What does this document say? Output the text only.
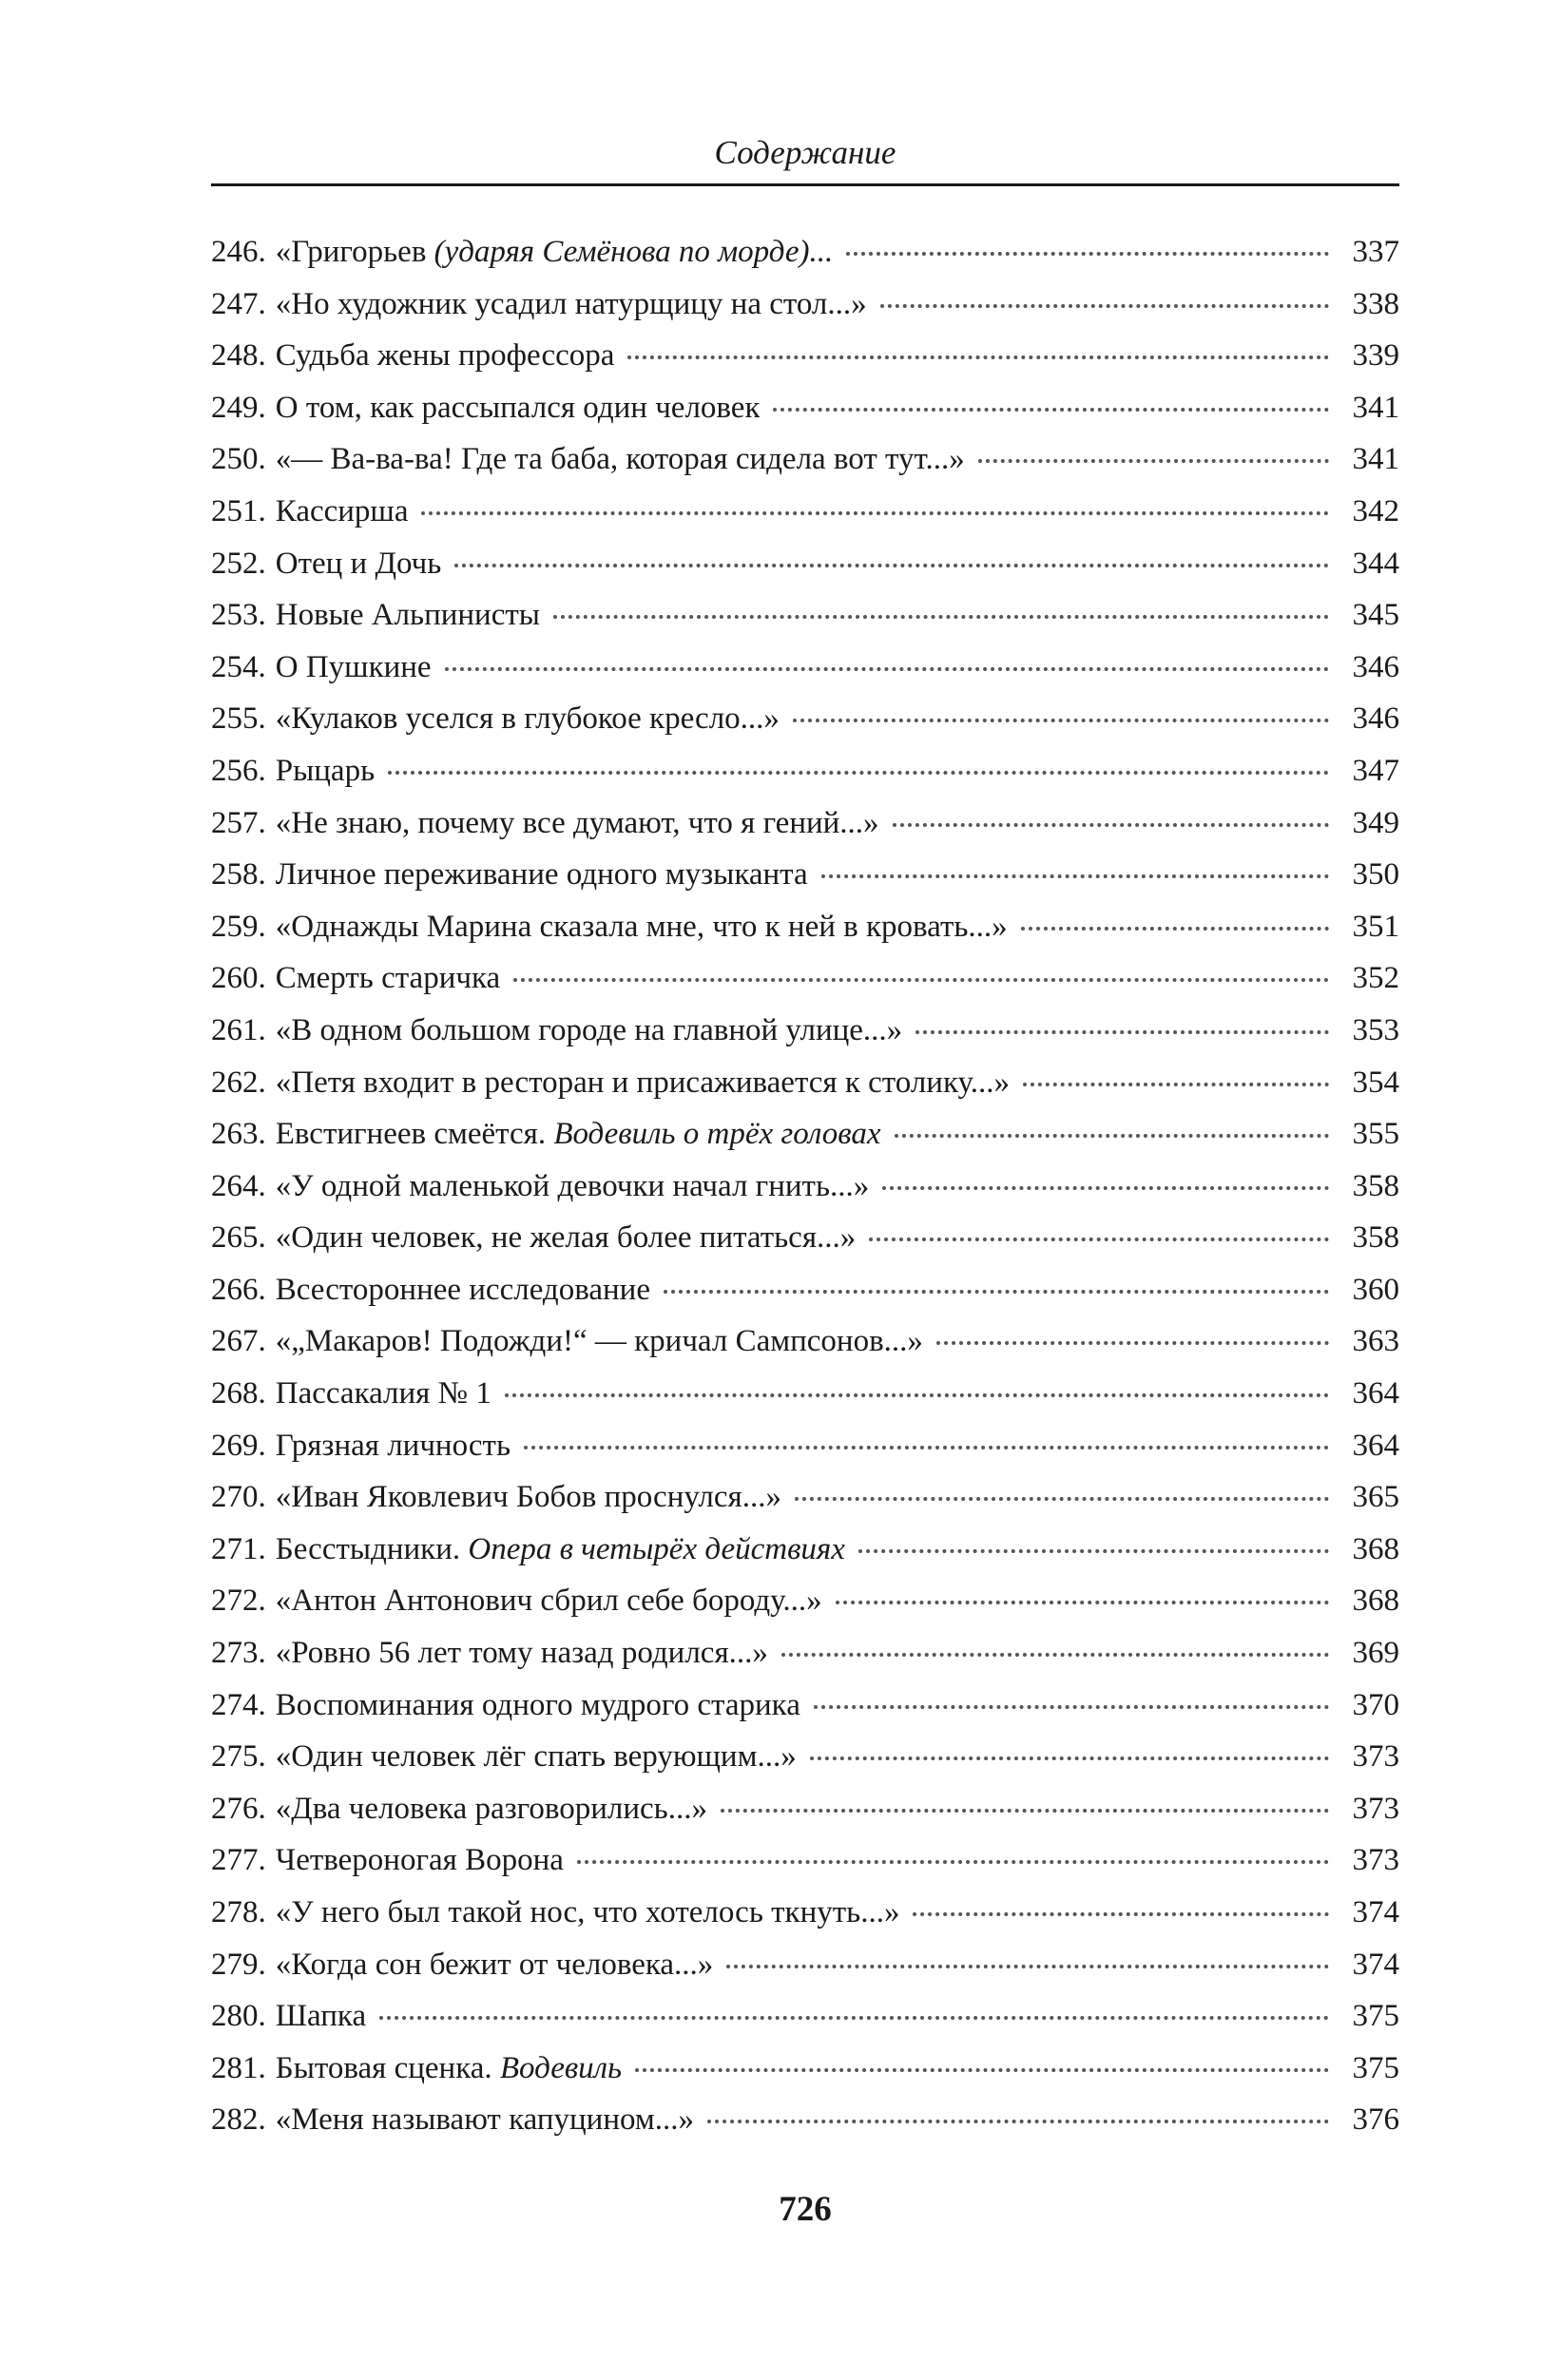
Содержание
246. «Григорьев (ударяя Семёнова по морде)...	337
247. «Но художник усадил натурщицу на стол...»	338
248. Судьба жены профессора	339
249. О том, как рассыпался один человек	341
250. «— Ва-ва-ва! Где та баба, которая сидела вот тут...»	341
251. Кассирша	342
252. Отец и Дочь	344
253. Новые Альпинисты	345
254. О Пушкине	346
255. «Кулаков уселся в глубокое кресло...»	346
256. Рыцарь	347
257. «Не знаю, почему все думают, что я гений...»	349
258. Личное переживание одного музыканта	350
259. «Однажды Марина сказала мне, что к ней в кровать...»	351
260. Смерть старичка	352
261. «В одном большом городе на главной улице...»	353
262. «Петя входит в ресторан и присаживается к столику...»	354
263. Евстигнеев смеётся. Водевиль о трёх головах	355
264. «У одной маленькой девочки начал гнить...»	358
265. «Один человек, не желая более питаться...»	358
266. Всестороннее исследование	360
267. «„Макаров! Подожди!“ — кричал Сампсонов...»	363
268. Пассакалия № 1	364
269. Грязная личность	364
270. «Иван Яковлевич Бобов проснулся...»	365
271. Бесстыдники. Опера в четырёх действиях	368
272. «Антон Антонович сбрил себе бороду...»	368
273. «Ровно 56 лет тому назад родился...»	369
274. Воспоминания одного мудрого старика	370
275. «Один человек лёг спать верующим...»	373
276. «Два человека разговорились...»	373
277. Четвероногая Ворона	373
278. «У него был такой нос, что хотелось ткнуть...»	374
279. «Когда сон бежит от человека...»	374
280. Шапка	375
281. Бытовая сценка. Водевиль	375
282. «Меня называют капуцином...»	376
726
